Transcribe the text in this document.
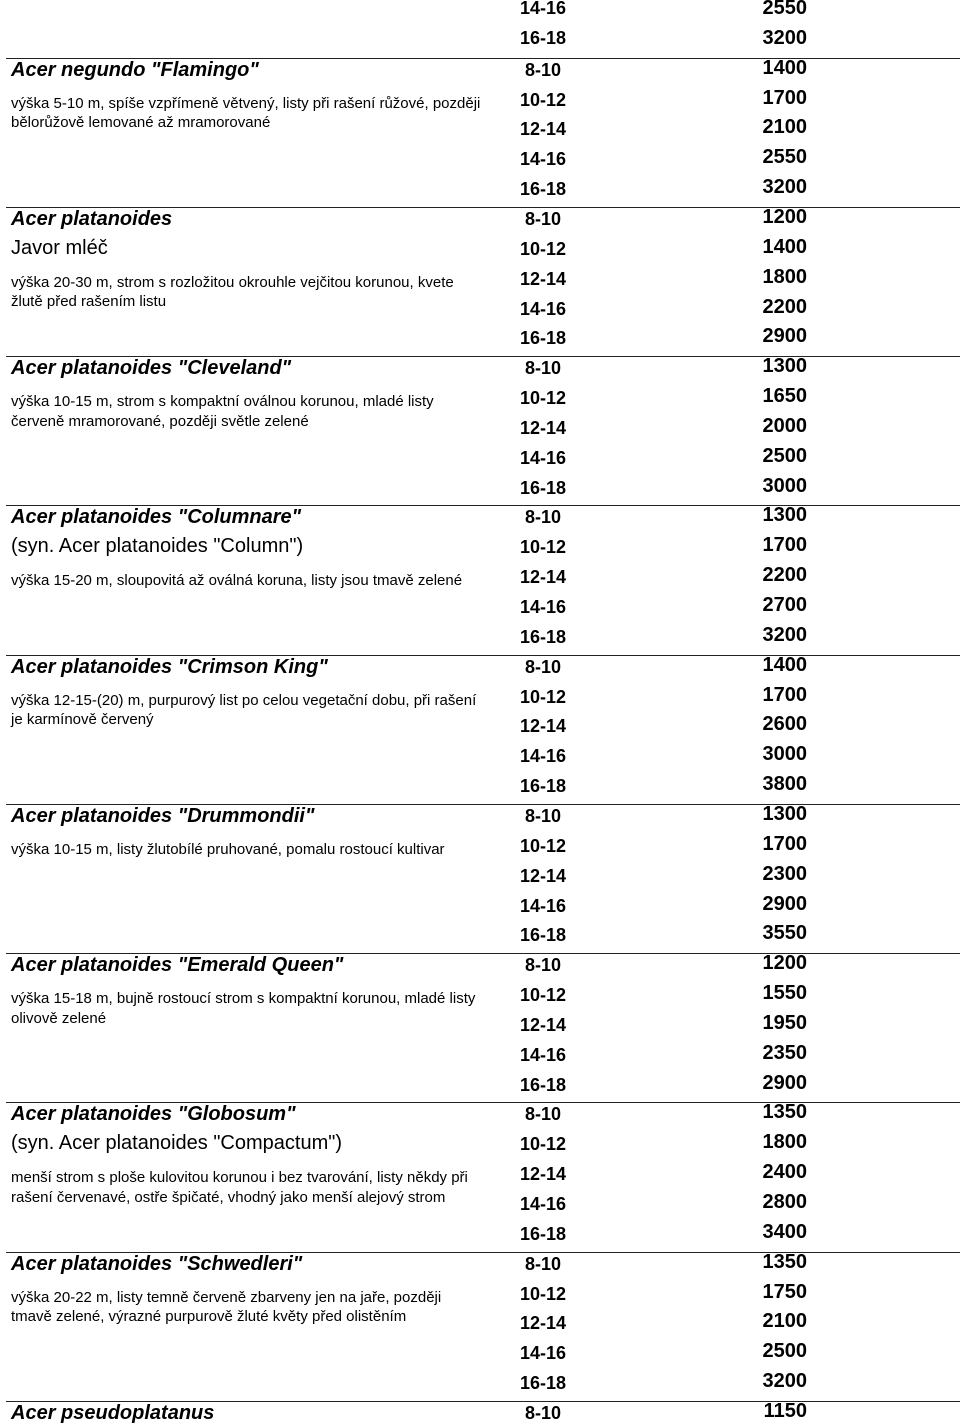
14-16	2550
16-18	3200
Acer negundo "Flamingo"
výška 5-10 m, spíše vzpřímeně větvený, listy při rašení růžové, později bělorůžově lemované až mramorované
8-10	1400
10-12	1700
12-14	2100
14-16	2550
16-18	3200
Acer platanoides
Javor mléč
výška 20-30 m, strom s rozložitou okrouhle vejčitou korunou, kvete žlutě před rašením listu
8-10	1200
10-12	1400
12-14	1800
14-16	2200
16-18	2900
Acer platanoides "Cleveland"
výška 10-15 m, strom s kompaktní oválnou korunou, mladé listy červeně mramorované, později světle zelené
8-10	1300
10-12	1650
12-14	2000
14-16	2500
16-18	3000
Acer platanoides "Columnare"
(syn. Acer platanoides "Column")
výška 15-20 m, sloupovitá až oválná koruna, listy jsou tmavě zelené
8-10	1300
10-12	1700
12-14	2200
14-16	2700
16-18	3200
Acer platanoides "Crimson King"
výška 12-15-(20) m, purpurový list po celou vegetační dobu, při rašení je karmínově červený
8-10	1400
10-12	1700
12-14	2600
14-16	3000
16-18	3800
Acer platanoides "Drummondii"
výška 10-15 m, listy žlutobílé pruhované, pomalu rostoucí kultivar
8-10	1300
10-12	1700
12-14	2300
14-16	2900
16-18	3550
Acer platanoides "Emerald Queen"
výška 15-18 m, bujně rostoucí strom s kompaktní korunou, mladé listy olivově zelené
8-10	1200
10-12	1550
12-14	1950
14-16	2350
16-18	2900
Acer platanoides "Globosum"
(syn. Acer platanoides "Compactum")
menší strom s ploše kulovitou korunou i bez tvarování, listy někdy při rašení červenavé, ostře špičaté, vhodný jako menší alejový strom
8-10	1350
10-12	1800
12-14	2400
14-16	2800
16-18	3400
Acer platanoides "Schwedleri"
výška 20-22 m, listy temně červeně zbarveny jen na jaře, později tmavě zelené, výrazné purpurově žluté květy před olistěním
8-10	1350
10-12	1750
12-14	2100
14-16	2500
16-18	3200
Acer pseudoplatanus	8-10	1150
